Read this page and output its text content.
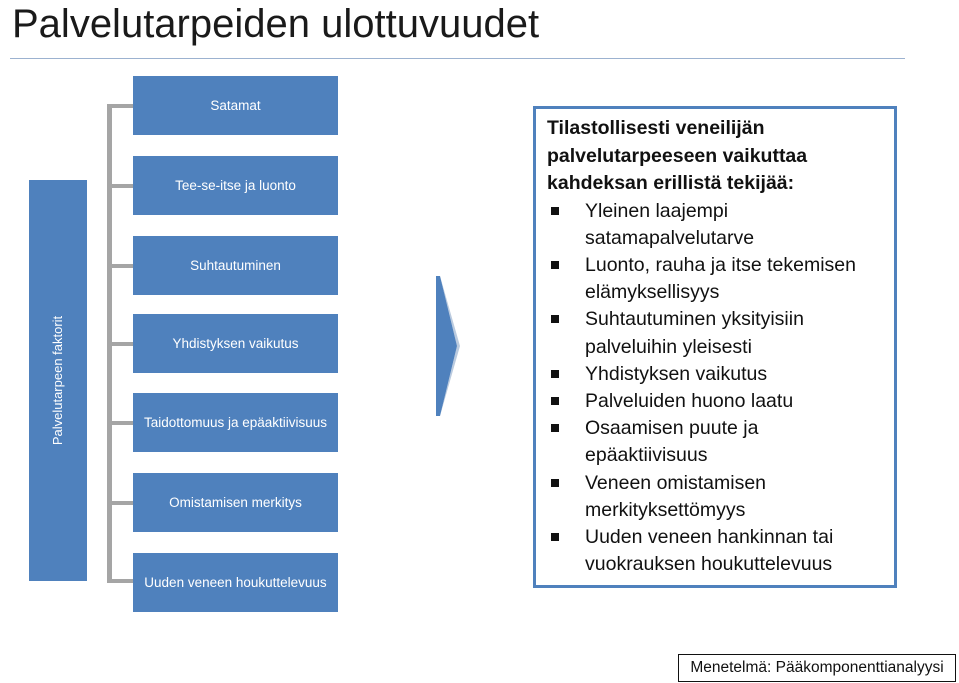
Palvelutarpeiden ulottuvuudet
Palvelutarpeen faktorit
Satamat
Tee-se-itse ja luonto
Suhtautuminen
Yhdistyksen vaikutus
Taidottomuus ja epäaktiivisuus
Omistamisen merkitys
Uuden veneen houkuttelevuus
Tilastollisesti veneilijän palvelutarpeeseen vaikuttaa kahdeksan erillistä tekijää:
Yleinen laajempi satamapalvelutarve
Luonto, rauha ja itse tekemisen elämyksellisyys
Suhtautuminen yksityisiin palveluihin yleisesti
Yhdistyksen vaikutus
Palveluiden huono laatu
Osaamisen puute ja epäaktiivisuus
Veneen omistamisen merkityksettömyys
Uuden veneen hankinnan tai vuokrauksen houkuttelevuus
Menetelmä: Pääkomponenttianalyysi
